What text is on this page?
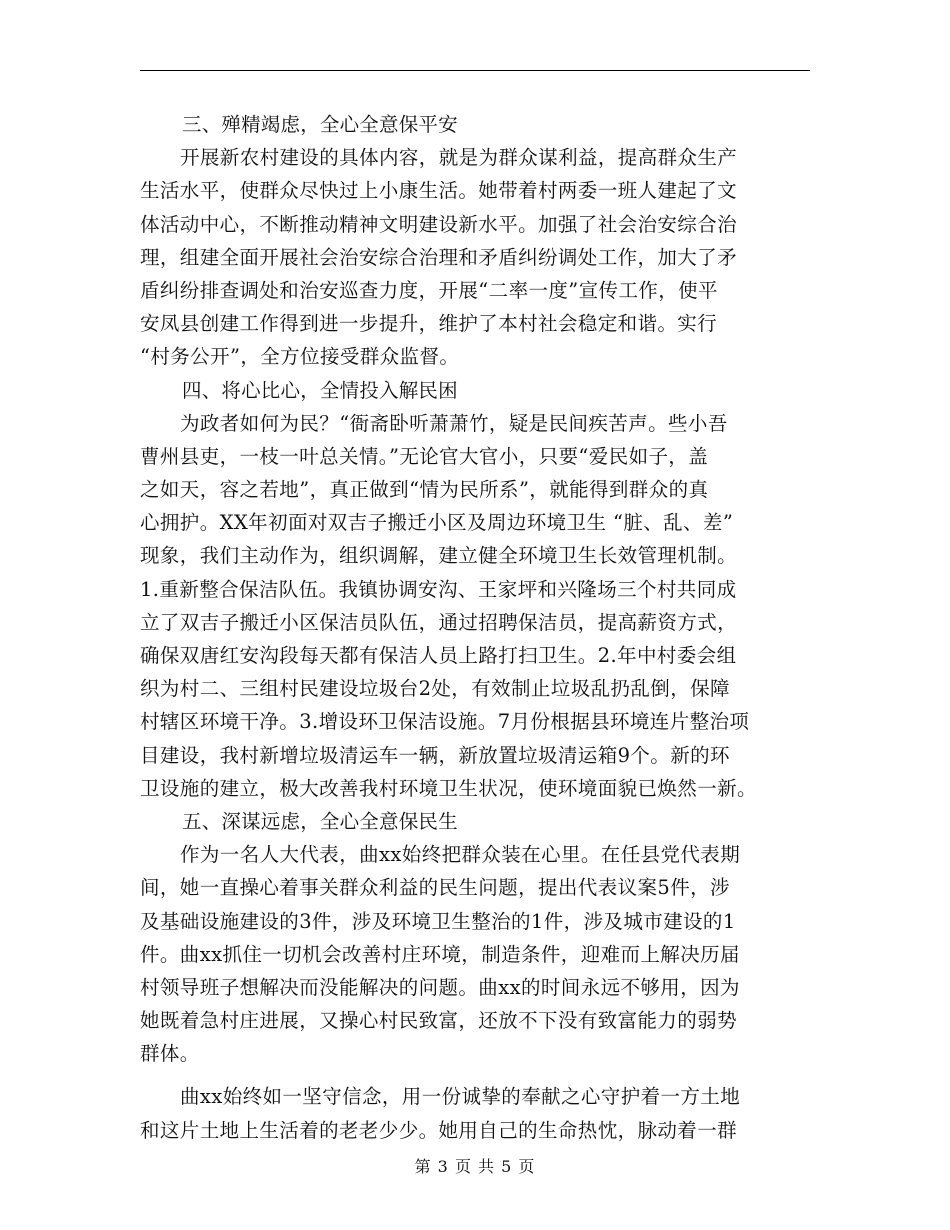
三、殚精竭虑，全心全意保平安
开展新农村建设的具体内容，就是为群众谋利益，提高群众生产
生活水平，使群众尽快过上小康生活。她带着村两委一班人建起了文
体活动中心，不断推动精神文明建设新水平。加强了社会治安综合治
理，组建全面开展社会治安综合治理和矛盾纠纷调处工作，加大了矛
盾纠纷排查调处和治安巡查力度，开展“二率一度”宣传工作，使平
安凤县创建工作得到进一步提升，维护了本村社会稳定和谐。实行
“村务公开”，全方位接受群众监督。
四、将心比心，全情投入解民困
为政者如何为民？“衙斋卧听萧萧竹，疑是民间疾苦声。些小吾
曹州县吏，一枝一叶总关情。”无论官大官小，只要“爱民如子，盖
之如天，容之若地”，真正做到“情为民所系”，就能得到群众的真
心拥护。XX年初面对双吉子搬迁小区及周边环境卫生 “脏、乱、差”
现象，我们主动作为，组织调解，建立健全环境卫生长效管理机制。
1.重新整合保洁队伍。我镇协调安沟、王家坪和兴隆场三个村共同成
立了双吉子搬迁小区保洁员队伍，通过招聘保洁员，提高薪资方式，
确保双唐红安沟段每天都有保洁人员上路打扫卫生。2.年中村委会组
织为村二、三组村民建设垃圾台2处，有效制止垃圾乱扔乱倒，保障
村辖区环境干净。3.增设环卫保洁设施。7月份根据县环境连片整治项
目建设，我村新增垃圾清运车一辆，新放置垃圾清运箱9个。新的环
卫设施的建立，极大改善我村环境卫生状况，使环境面貌已焕然一新。
五、深谋远虑，全心全意保民生
作为一名人大代表，曲xx始终把群众装在心里。在任县党代表期
间，她一直操心着事关群众利益的民生问题，提出代表议案5件，涉
及基础设施建设的3件，涉及环境卫生整治的1件，涉及城市建设的1
件。曲xx抓住一切机会改善村庄环境，制造条件，迎难而上解决历届
村领导班子想解决而没能解决的问题。曲xx的时间永远不够用，因为
她既着急村庄进展，又操心村民致富，还放不下没有致富能力的弱势
群体。
曲xx始终如一坚守信念，用一份诚挚的奉献之心守护着一方土地
和这片土地上生活着的老老少少。她用自己的生命热忱，脉动着一群
第 3 页 共 5 页
